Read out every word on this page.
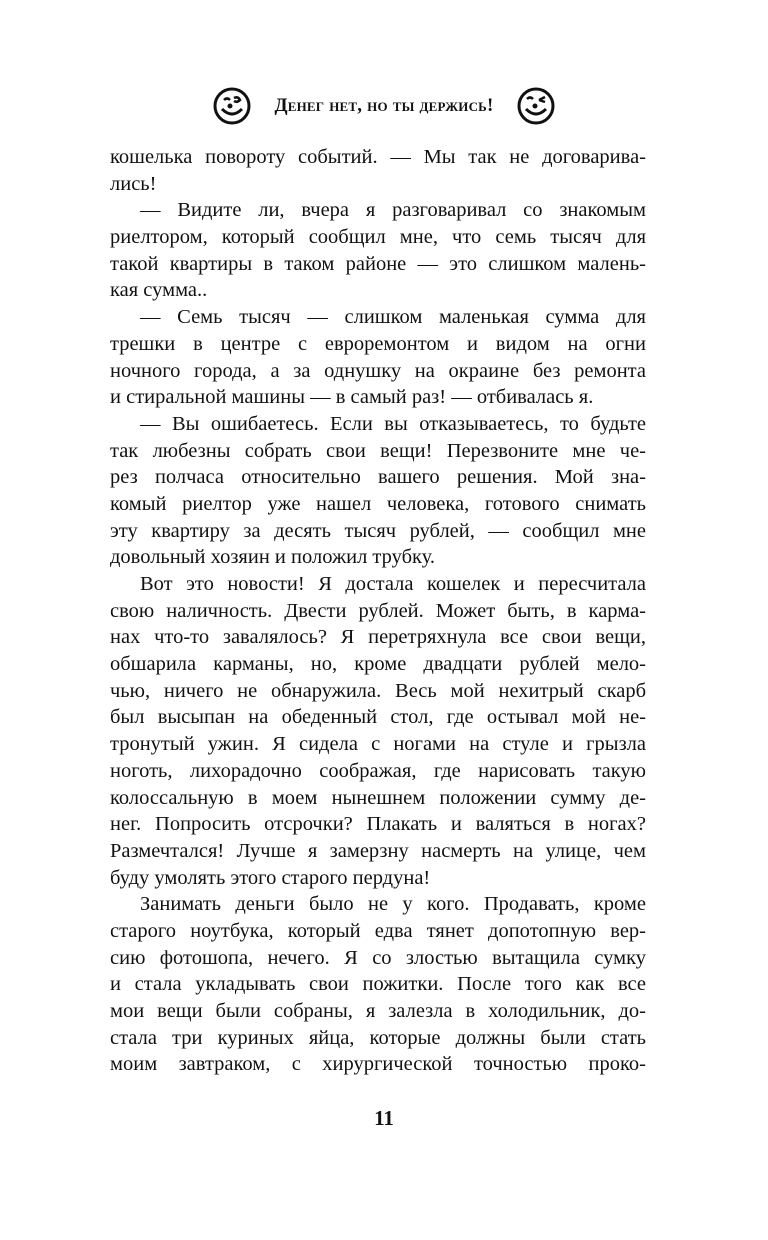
Денег нет, но ты держись!
кошелька повороту событий. — Мы так не договарива-
лись!
— Видите ли, вчера я разговаривал со знакомым
риелтором, который сообщил мне, что семь тысяч для
такой квартиры в таком районе — это слишком малень-
кая сумма..
— Семь тысяч — слишком маленькая сумма для
трешки в центре с евроремонтом и видом на огни
ночного города, а за однушку на окраине без ремонта
и стиральной машины — в самый раз! — отбивалась я.
— Вы ошибаетесь. Если вы отказываетесь, то будьте
так любезны собрать свои вещи! Перезвоните мне че-
рез полчаса относительно вашего решения. Мой зна-
комый риелтор уже нашел человека, готового снимать
эту квартиру за десять тысяч рублей, — сообщил мне
довольный хозяин и положил трубку.
Вот это новости! Я достала кошелек и пересчитала
свою наличность. Двести рублей. Может быть, в карма-
нах что-то завалялось? Я перетряхнула все свои вещи,
обшарила карманы, но, кроме двадцати рублей мело-
чью, ничего не обнаружила. Весь мой нехитрый скарб
был высыпан на обеденный стол, где остывал мой не-
тронутый ужин. Я сидела с ногами на стуле и грызла
ноготь, лихорадочно соображая, где нарисовать такую
колоссальную в моем нынешнем положении сумму де-
нег. Попросить отсрочки? Плакать и валяться в ногах?
Размечтался! Лучше я замерзну насмерть на улице, чем
буду умолять этого старого пердуна!
Занимать деньги было не у кого. Продавать, кроме
старого ноутбука, который едва тянет допотопную вер-
сию фотошопа, нечего. Я со злостью вытащила сумку
и стала укладывать свои пожитки. После того как все
мои вещи были собраны, я залезла в холодильник, до-
стала три куриных яйца, которые должны были стать
моим завтраком, с хирургической точностью проко-
11
